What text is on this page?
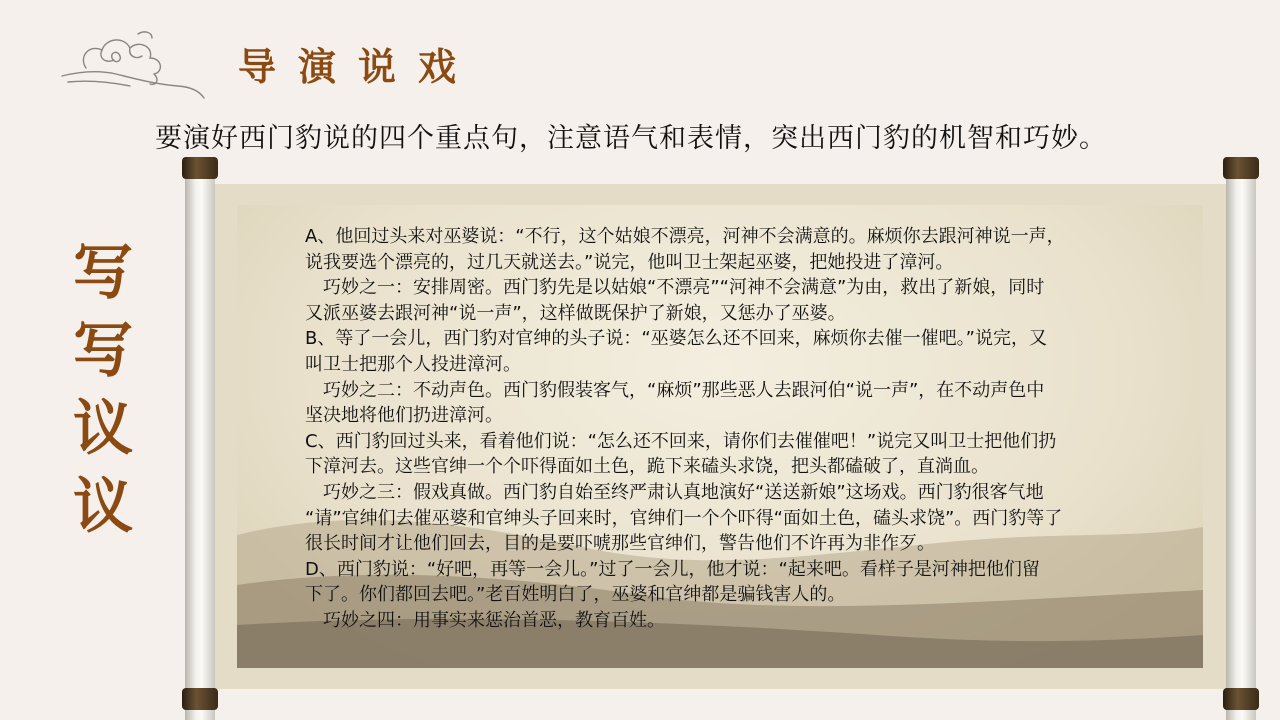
导演说戏
要演好西门豹说的四个重点句，注意语气和表情，突出西门豹的机智和巧妙。
写
写
议
议

A、他回过头来对巫婆说：“不行，这个姑娘不漂亮，河神不会满意的。麻烦你去跟河神说一声，

说我要选个漂亮的，过几天就送去。”说完，他叫卫士架起巫婆，把她投进了漳河。

　巧妙之一：安排周密。西门豹先是以姑娘“不漂亮”“河神不会满意”为由，救出了新娘，同时

又派巫婆去跟河神“说一声”，这样做既保护了新娘，又惩办了巫婆。

B、等了一会儿，西门豹对官绅的头子说：“巫婆怎么还不回来，麻烦你去催一催吧。”说完，又

叫卫士把那个人投进漳河。

　巧妙之二：不动声色。西门豹假装客气，“麻烦”那些恶人去跟河伯“说一声”，在不动声色中

坚决地将他们扔进漳河。

C、西门豹回过头来，看着他们说：“怎么还不回来，请你们去催催吧！”说完又叫卫士把他们扔

下漳河去。这些官绅一个个吓得面如土色，跪下来磕头求饶，把头都磕破了，直淌血。

　巧妙之三：假戏真做。西门豹自始至终严肃认真地演好“送送新娘”这场戏。西门豹很客气地

“请”官绅们去催巫婆和官绅头子回来时，官绅们一个个吓得“面如土色，磕头求饶”。西门豹等了

很长时间才让他们回去，目的是要吓唬那些官绅们，警告他们不许再为非作歹。

D、西门豹说：“好吧，再等一会儿。”过了一会儿，他才说：“起来吧。看样子是河神把他们留

下了。你们都回去吧。”老百姓明白了，巫婆和官绅都是骗钱害人的。

　巧妙之四：用事实来惩治首恶，教育百姓。
